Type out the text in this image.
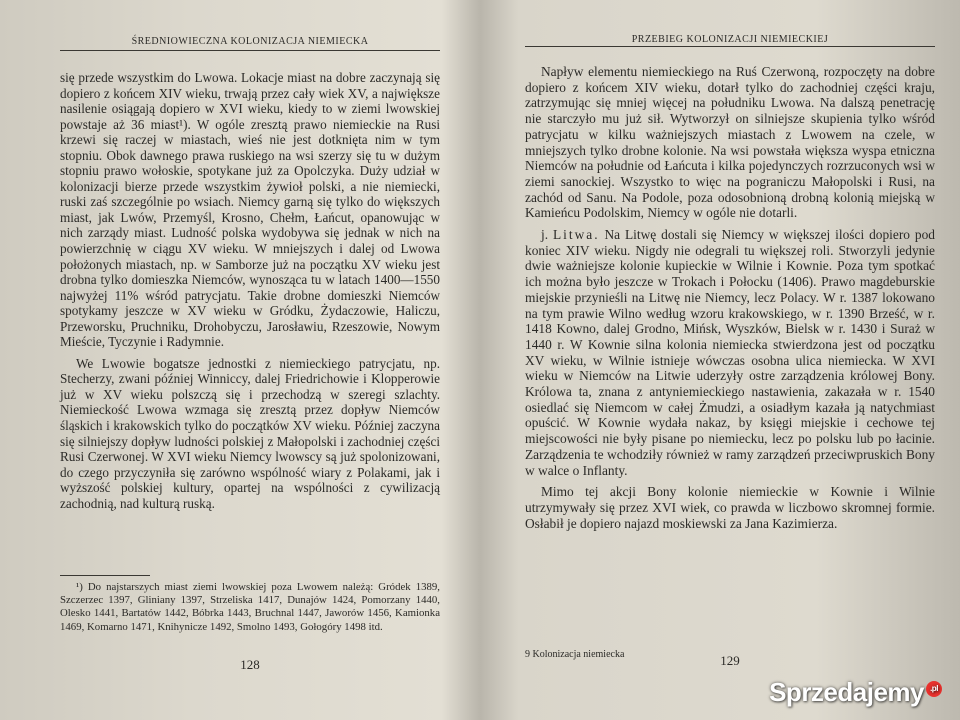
ŚREDNIOWIECZNA KOLONIZACJA NIEMIECKA

się przede wszystkim do Lwowa. Lokacje miast na dobre zaczynają się dopiero z końcem XIV wieku, trwają przez cały wiek XV, a największe nasilenie osiągają dopiero w XVI wieku, kiedy to w ziemi lwowskiej powstaje aż 36 miast¹). W ogóle zresztą prawo niemieckie na Rusi krzewi się raczej w miastach, wieś nie jest dotknięta nim w tym stopniu. Obok dawnego prawa ruskiego na wsi szerzy się tu w dużym stopniu prawo wołoskie, spotykane już za Opolczyka. Duży udział w kolonizacji bierze przede wszystkim żywioł polski, a nie niemiecki, ruski zaś szczególnie po wsiach. Niemcy garną się tylko do większych miast, jak Lwów, Przemyśl, Krosno, Chełm, Łańcut, opanowując w nich zarządy miast. Ludność polska wydobywa się jednak w nich na powierzchnię w ciągu XV wieku. W mniejszych i dalej od Lwowa położonych miastach, np. w Samborze już na początku XV wieku jest drobna tylko domieszka Niemców, wynosząca tu w latach 1400—1550 najwyżej 11% wśród patrycjatu. Takie drobne domieszki Niemców spotykamy jeszcze w XV wieku w Gródku, Żydaczowie, Haliczu, Przeworsku, Pruchniku, Drohobyczu, Jarosławiu, Rzeszowie, Nowym Mieście, Tyczynie i Radymnie.

We Lwowie bogatsze jednostki z niemieckiego patrycjatu, np. Stecherzy, zwani później Winniccy, dalej Friedrichowie i Klopperowie już w XV wieku polszczą się i przechodzą w szeregi szlachty. Niemieckość Lwowa wzmaga się zresztą przez dopływ Niemców śląskich i krakowskich tylko do początków XV wieku. Później zaczyna się silniejszy dopływ ludności polskiej z Małopolski i zachodniej części Rusi Czerwonej. W XVI wieku Niemcy lwowscy są już spolonizowani, do czego przyczyniła się zarówno wspólność wiary z Polakami, jak i wyższość polskiej kultury, opartej na wspólności z cywilizacją zachodnią, nad kulturą ruską.

¹) Do najstarszych miast ziemi lwowskiej poza Lwowem należą: Gródek 1389, Szczerzec 1397, Gliniany 1397, Strzeliska 1417, Dunajów 1424, Pomorzany 1440, Olesko 1441, Bartatów 1442, Bóbrka 1443, Bruchnal 1447, Jaworów 1456, Kamionka 1469, Komarno 1471, Knihynicze 1492, Smolno 1493, Gołogóry 1498 itd.

128
PRZEBIEG KOLONIZACJI NIEMIECKIEJ

Napływ elementu niemieckiego na Ruś Czerwoną, rozpoczęty na dobre dopiero z końcem XIV wieku, dotarł tylko do zachodniej części kraju, zatrzymując się mniej więcej na południku Lwowa. Na dalszą penetrację nie starczyło mu już sił. Wytworzył on silniejsze skupienia tylko wśród patrycjatu w kilku ważniejszych miastach z Lwowem na czele, w mniejszych tylko drobne kolonie. Na wsi powstała większa wyspa etniczna Niemców na południe od Łańcuta i kilka pojedynczych rozrzuconych wsi w ziemi sanockiej. Wszystko to więc na pograniczu Małopolski i Rusi, na zachód od Sanu. Na Podole, poza odosobnioną drobną kolonią miejską w Kamieńcu Podolskim, Niemcy w ogóle nie dotarli.

j. Litwa. Na Litwę dostali się Niemcy w większej ilości dopiero pod koniec XIV wieku. Nigdy nie odegrali tu większej roli. Stworzyli jedynie dwie ważniejsze kolonie kupieckie w Wilnie i Kownie. Poza tym spotkać ich można było jeszcze w Trokach i Połocku (1406). Prawo magdeburskie miejskie przynieśli na Litwę nie Niemcy, lecz Polacy. W r. 1387 lokowano na tym prawie Wilno według wzoru krakowskiego, w r. 1390 Brześć, w r. 1418 Kowno, dalej Grodno, Mińsk, Wyszków, Bielsk w r. 1430 i Suraż w 1440 r. W Kownie silna kolonia niemiecka stwierdzona jest od początku XV wieku, w Wilnie istnieje wówczas osobna ulica niemiecka. W XVI wieku w Niemców na Litwie uderzyły ostre zarządzenia królowej Bony. Królowa ta, znana z antyniemieckiego nastawienia, zakazała w r. 1540 osiedlać się Niemcom w całej Żmudzi, a osiadłym kazała ją natychmiast opuścić. W Kownie wydała nakaz, by księgi miejskie i cechowe tej miejscowości nie były pisane po niemiecku, lecz po polsku lub po łacinie. Zarządzenia te wchodziły również w ramy zarządzeń przeciwpruskich Bony w walce o Inflanty.

Mimo tej akcji Bony kolonie niemieckie w Kownie i Wilnie utrzymywały się przez XVI wiek, co prawda w liczbowo skromnej formie. Osłabił je dopiero najazd moskiewski za Jana Kazimierza.

9 Kolonizacja niemiecka	129
Sprzedajemy .pl
